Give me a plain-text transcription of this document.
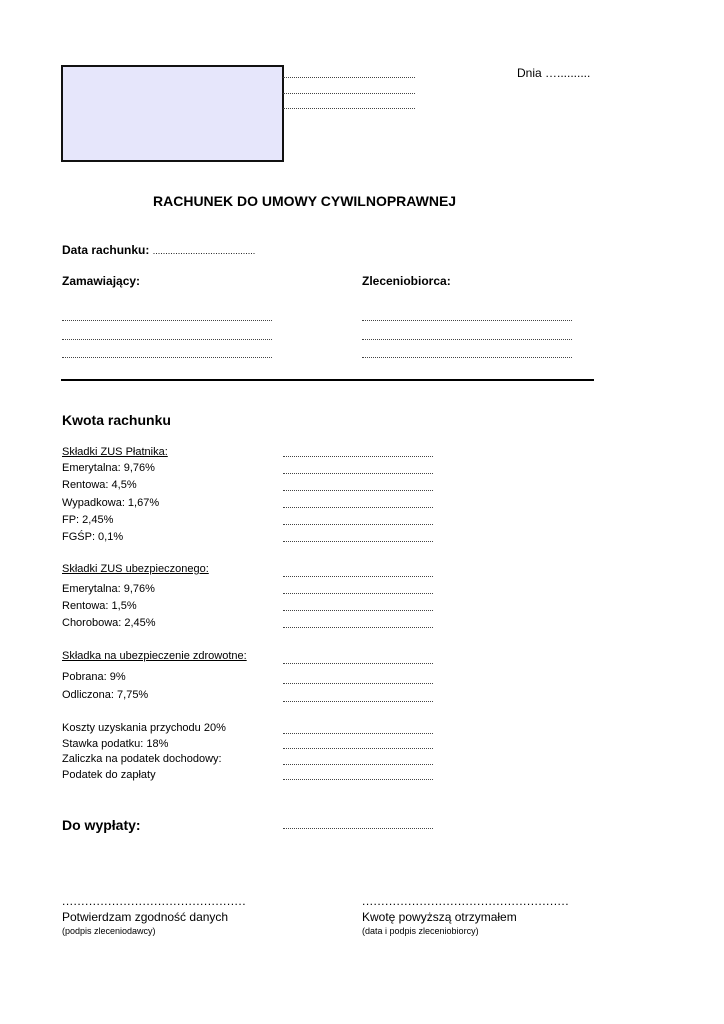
Dnia …..........
RACHUNEK DO UMOWY CYWILNOPRAWNEJ
Data rachunku: .........................................
Zamawiający:	Zleceniobiorca:
Kwota rachunku
Składki ZUS Płatnika:
Emerytalna: 9,76%
Rentowa: 4,5%
Wypadkowa: 1,67%
FP: 2,45%
FGŚP: 0,1%
Składki ZUS ubezpieczonego:
Emerytalna: 9,76%
Rentowa: 1,5%
Chorobowa: 2,45%
Składka na ubezpieczenie zdrowotne:
Pobrana: 9%
Odliczona: 7,75%
Koszty uzyskania przychodu 20%
Stawka podatku: 18%
Zaliczka na podatek dochodowy:
Podatek do zapłaty
Do wypłaty:
................................................
Potwierdzam zgodność danych
(podpis zleceniodawcy)
......................................................
Kwotę powyższą otrzymałem
(data i podpis zleceniobiorcy)
